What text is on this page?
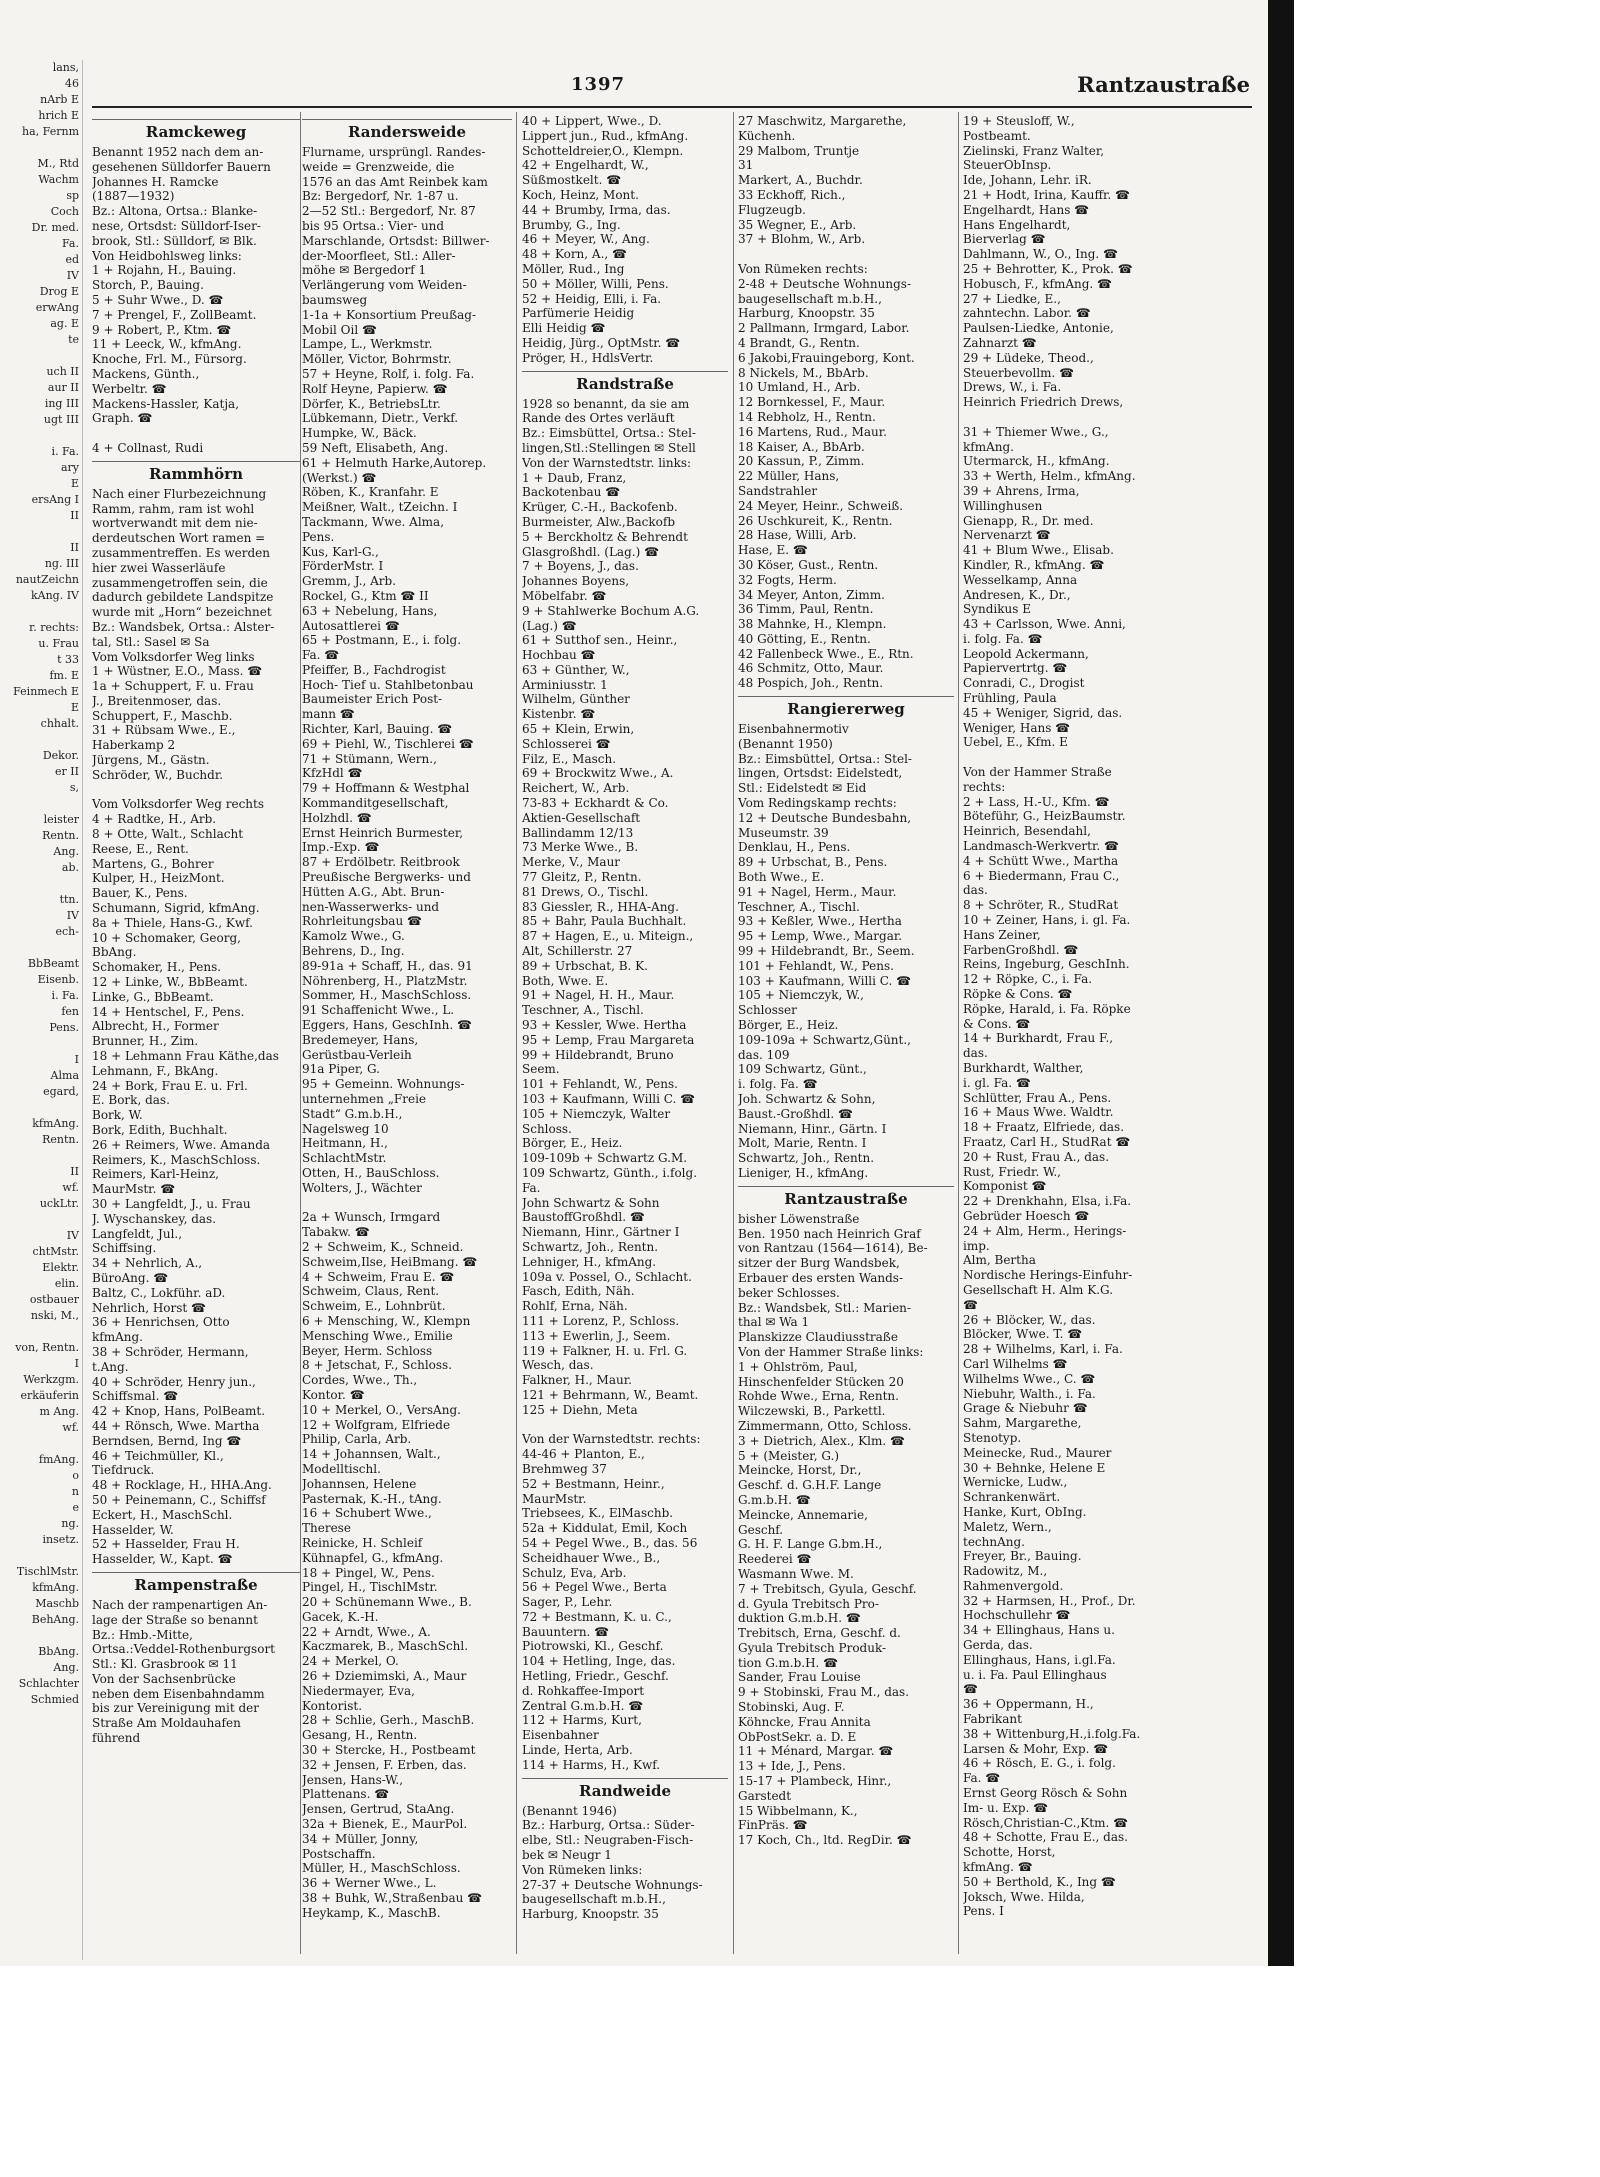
lans,
46
nArb E
hrich E
ha, Fernm

M., Rtd
Wachm
sp
Coch
Dr. med.
Fa.
ed
IV
Drog E
erwAng
ag. E
te

uch II
aur II
ing III
ugt III

i. Fa.
ary
E
ersAng I
II

II
ng. III
nautZeichn
kAng. IV

r. rechts:
u. Frau
t 33
fm. E
Feinmech E
E
chhalt.

Dekor.
er II
s,

leister
Rentn.
Ang.
ab.

ttn.
IV
ech-

BbBeamt
Eisenb.
i. Fa.
fen
Pens.

I
Alma
egard,

kfmAng.
Rentn.

II
wf.
uckLtr.

IV
chtMstr.
Elektr.
elin.
ostbauer
nski, M.,

von, Rentn.
I
Werkzgm.
erkäuferin
m Ang.
wf.

fmAng.
o
n
e
ng.
insetz.

TischlMstr.
kfmAng.
Maschb
BehAng.

BbAng.
Ang.
Schlachter
Schmied
1397	Rantzaustraße
Ramckeweg
Benannt 1952 nach dem an-
gesehenen Sülldorfer Bauern
Johannes H. Ramcke
(1887—1932)
Bz.: Altona, Ortsa.: Blanke-
nese, Ortsdst: Sülldorf-Iser-
brook, Stl.: Sülldorf, ✉ Blk.
Von Heidbohlsweg links:
1 + Rojahn, H., Bauing.
Storch, P., Bauing.
5 + Suhr Wwe., D. ☎
7 + Prengel, F., ZollBeamt.
9 + Robert, P., Ktm. ☎
11 + Leeck, W., kfmAng.
Knoche, Frl. M., Fürsorg.
Mackens, Günth.,
Werbeltr. ☎
Mackens-Hassler, Katja,
Graph. ☎

4 + Collnast, Rudi
Rammhörn
Nach einer Flurbezeichnung
Ramm, rahm, ram ist wohl
wortverwandt mit dem nie-
derdeutschen Wort ramen =
zusammentreffen. Es werden
hier zwei Wasserläufe
zusammengetroffen sein, die
dadurch gebildete Landspitze
wurde mit „Horn“ bezeichnet
Bz.: Wandsbek, Ortsa.: Alster-
tal, Stl.: Sasel ✉ Sa
Vom Volksdorfer Weg links
1 + Wüstner, E.O., Mass. ☎
1a + Schuppert, F. u. Frau
J., Breitenmoser, das.
Schuppert, F., Maschb.
31 + Rübsam Wwe., E.,
Haberkamp 2
Jürgens, M., Gästn.
Schröder, W., Buchdr.

Vom Volksdorfer Weg rechts
4 + Radtke, H., Arb.
8 + Otte, Walt., Schlacht
Reese, E., Rent.
Martens, G., Bohrer
Kulper, H., HeizMont.
Bauer, K., Pens.
Schumann, Sigrid, kfmAng.
8a + Thiele, Hans-G., Kwf.
10 + Schomaker, Georg,
BbAng.
Schomaker, H., Pens.
12 + Linke, W., BbBeamt.
Linke, G., BbBeamt.
14 + Hentschel, F., Pens.
Albrecht, H., Former
Brunner, H., Zim.
18 + Lehmann Frau Käthe,das
Lehmann, F., BkAng.
24 + Bork, Frau E. u. Frl.
E. Bork, das.
Bork, W.
Bork, Edith, Buchhalt.
26 + Reimers, Wwe. Amanda
Reimers, K., MaschSchloss.
Reimers, Karl-Heinz,
MaurMstr. ☎
30 + Langfeldt, J., u. Frau
J. Wyschanskey, das.
Langfeldt, Jul.,
Schiffsing.
34 + Nehrlich, A.,
BüroAng. ☎
Baltz, C., Lokführ. aD.
Nehrlich, Horst ☎
36 + Henrichsen, Otto
kfmAng.
38 + Schröder, Hermann,
t.Ang.
40 + Schröder, Henry jun.,
Schiffsmal. ☎
42 + Knop, Hans, PolBeamt.
44 + Rönsch, Wwe. Martha
Berndsen, Bernd, Ing ☎
46 + Teichmüller, Kl.,
Tiefdruck.
48 + Rocklage, H., HHA.Ang.
50 + Peinemann, C., Schiffsf
Eckert, H., MaschSchl.
Hasselder, W.
52 + Hasselder, Frau H.
Hasselder, W., Kapt. ☎
Rampenstraße
Nach der rampenartigen An-
lage der Straße so benannt
Bz.: Hmb.-Mitte,
Ortsa.:Veddel-Rothenburgsort
Stl.: Kl. Grasbrook ✉ 11
Von der Sachsenbrücke
neben dem Eisenbahndamm
bis zur Vereinigung mit der
Straße Am Moldauhafen
führend
Randersweide
Flurname, ursprüngl. Randes-
weide = Grenzweide, die
1576 an das Amt Reinbek kam
Bz: Bergedorf, Nr. 1-87 u.
2—52 Stl.: Bergedorf, Nr. 87
bis 95 Ortsa.: Vier- und
Marschlande, Ortsdst: Billwer-
der-Moorfleet, Stl.: Aller-
möhe ✉ Bergedorf 1
Verlängerung vom Weiden-
baumsweg
1-1a + Konsortium Preußag-
Mobil Oil ☎
Lampe, L., Werkmstr.
Möller, Victor, Bohrmstr.
57 + Heyne, Rolf, i. folg. Fa.
Rolf Heyne, Papierw. ☎
Dörfer, K., BetriebsLtr.
Lübkemann, Dietr., Verkf.
Humpke, W., Bäck.
59 Neft, Elisabeth, Ang.
61 + Helmuth Harke,Autorep.
(Werkst.) ☎
Röben, K., Kranfahr. E
Meißner, Walt., tZeichn. I
Tackmann, Wwe. Alma,
Pens.
Kus, Karl-G.,
FörderMstr. I
Gremm, J., Arb.
Rockel, G., Ktm ☎ II
63 + Nebelung, Hans,
Autosattlerei ☎
65 + Postmann, E., i. folg.
Fa. ☎
Pfeiffer, B., Fachdrogist
Hoch- Tief u. Stahlbetonbau
Baumeister Erich Post-
mann ☎
Richter, Karl, Bauing. ☎
69 + Piehl, W., Tischlerei ☎
71 + Stümann, Wern.,
KfzHdl ☎
79 + Hoffmann & Westphal
Kommanditgesellschaft,
Holzhdl. ☎
Ernst Heinrich Burmester,
Imp.-Exp. ☎
87 + Erdölbetr. Reitbrook
Preußische Bergwerks- und
Hütten A.G., Abt. Brun-
nen-Wasserwerks- und
Rohrleitungsbau ☎
Kamolz Wwe., G.
Behrens, D., Ing.
89-91a + Schaff, H., das. 91
Nöhrenberg, H., PlatzMstr.
Sommer, H., MaschSchloss.
91 Schaffenicht Wwe., L.
Eggers, Hans, GeschInh. ☎
Bredemeyer, Hans,
Gerüstbau-Verleih
91a Piper, G.
95 + Gemeinn. Wohnungs-
unternehmen „Freie
Stadt“ G.m.b.H.,
Nagelsweg 10
Heitmann, H.,
SchlachtMstr.
Otten, H., BauSchloss.
Wolters, J., Wächter

2a + Wunsch, Irmgard
Tabakw. ☎
2 + Schweim, K., Schneid.
Schweim,Ilse, HeiBmang. ☎
4 + Schweim, Frau E. ☎
Schweim, Claus, Rent.
Schweim, E., Lohnbrüt.
6 + Mensching, W., Klempn
Mensching Wwe., Emilie
Beyer, Herm. Schloss
8 + Jetschat, F., Schloss.
Cordes, Wwe., Th.,
Kontor. ☎
10 + Merkel, O., VersAng.
12 + Wolfgram, Elfriede
Philip, Carla, Arb.
14 + Johannsen, Walt.,
Modelltischl.
Johannsen, Helene
Pasternak, K.-H., tAng.
16 + Schubert Wwe.,
Therese
Reinicke, H. Schleif
Kühnapfel, G., kfmAng.
18 + Pingel, W., Pens.
Pingel, H., TischlMstr.
20 + Schünemann Wwe., B.
Gacek, K.-H.
22 + Arndt, Wwe., A.
Kaczmarek, B., MaschSchl.
24 + Merkel, O.
26 + Dziemimski, A., Maur
Niedermayer, Eva,
Kontorist.
28 + Schlie, Gerh., MaschB.
Gesang, H., Rentn.
30 + Stercke, H., Postbeamt
32 + Jensen, F. Erben, das.
Jensen, Hans-W.,
Plattenans. ☎
Jensen, Gertrud, StaAng.
32a + Bienek, E., MaurPol.
34 + Müller, Jonny,
Postschaffn.
Müller, H., MaschSchloss.
36 + Werner Wwe., L.
38 + Buhk, W.,Straßenbau ☎
Heykamp, K., MaschB.
40 + Lippert, Wwe., D.
Lippert jun., Rud., kfmAng.
Schotteldreier,O., Klempn.
42 + Engelhardt, W.,
Süßmostkelt. ☎
Koch, Heinz, Mont.
44 + Brumby, Irma, das.
Brumby, G., Ing.
46 + Meyer, W., Ang.
48 + Korn, A., ☎
Möller, Rud., Ing
50 + Möller, Willi, Pens.
52 + Heidig, Elli, i. Fa.
Parfümerie Heidig
Elli Heidig ☎
Heidig, Jürg., OptMstr. ☎
Pröger, H., HdlsVertr.
Randstraße
1928 so benannt, da sie am
Rande des Ortes verläuft
Bz.: Eimsbüttel, Ortsa.: Stel-
lingen,Stl.:Stellingen ✉ Stell
Von der Warnstedtstr. links:
1 + Daub, Franz,
Backotenbau ☎
Krüger, C.-H., Backofenb.
Burmeister, Alw.,Backofb
5 + Berckholtz & Behrendt
Glasgroßhdl. (Lag.) ☎
7 + Boyens, J., das.
Johannes Boyens,
Möbelfabr. ☎
9 + Stahlwerke Bochum A.G.
(Lag.) ☎
61 + Sutthof sen., Heinr.,
Hochbau ☎
63 + Günther, W.,
Arminiusstr. 1
Wilhelm, Günther
Kistenbr. ☎
65 + Klein, Erwin,
Schlosserei ☎
Filz, E., Masch.
69 + Brockwitz Wwe., A.
Reichert, W., Arb.
73-83 + Eckhardt & Co.
Aktien-Gesellschaft
Ballindamm 12/13
73 Merke Wwe., B.
Merke, V., Maur
77 Gleitz, P., Rentn.
81 Drews, O., Tischl.
83 Giessler, R., HHA-Ang.
85 + Bahr, Paula Buchhalt.
87 + Hagen, E., u. Miteign.,
Alt, Schillerstr. 27
89 + Urbschat, B. K.
Both, Wwe. E.
91 + Nagel, H. H., Maur.
Teschner, A., Tischl.
93 + Kessler, Wwe. Hertha
95 + Lemp, Frau Margareta
99 + Hildebrandt, Bruno
Seem.
101 + Fehlandt, W., Pens.
103 + Kaufmann, Willi C. ☎
105 + Niemczyk, Walter
Schloss.
Börger, E., Heiz.
109-109b + Schwartz G.M.
109 Schwartz, Günth., i.folg.
Fa.
John Schwartz & Sohn
BaustoffGroßhdl. ☎
Niemann, Hinr., Gärtner I
Schwartz, Joh., Rentn.
Lehniger, H., kfmAng.
109a v. Possel, O., Schlacht.
Fasch, Edith, Näh.
Rohlf, Erna, Näh.
111 + Lorenz, P., Schloss.
113 + Ewerlin, J., Seem.
119 + Falkner, H. u. Frl. G.
Wesch, das.
Falkner, H., Maur.
121 + Behrmann, W., Beamt.
125 + Diehn, Meta

Von der Warnstedtstr. rechts:
44-46 + Planton, E.,
Brehmweg 37
52 + Bestmann, Heinr.,
MaurMstr.
Triebsees, K., ElMaschb.
52a + Kiddulat, Emil, Koch
54 + Pegel Wwe., B., das. 56
Scheidhauer Wwe., B.,
Schulz, Eva, Arb.
56 + Pegel Wwe., Berta
Sager, P., Lehr.
72 + Bestmann, K. u. C.,
Bauuntern. ☎
Piotrowski, Kl., Geschf.
104 + Hetling, Inge, das.
Hetling, Friedr., Geschf.
d. Rohkaffee-Import
Zentral G.m.b.H. ☎
112 + Harms, Kurt,
Eisenbahner
Linde, Herta, Arb.
114 + Harms, H., Kwf.
Randweide
(Benannt 1946)
Bz.: Harburg, Ortsa.: Süder-
elbe, Stl.: Neugraben-Fisch-
bek ✉ Neugr 1
Von Rümeken links:
27-37 + Deutsche Wohnungs-
baugesellschaft m.b.H.,
Harburg, Knoopstr. 35
27 Maschwitz, Margarethe,
Küchenh.
29 Malbom, Truntje
31
Markert, A., Buchdr.
33 Eckhoff, Rich.,
Flugzeugb.
35 Wegner, E., Arb.
37 + Blohm, W., Arb.

Von Rümeken rechts:
2-48 + Deutsche Wohnungs-
baugesellschaft m.b.H.,
Harburg, Knoopstr. 35
2 Pallmann, Irmgard, Labor.
4 Brandt, G., Rentn.
6 Jakobi,Frauingeborg, Kont.
8 Nickels, M., BbArb.
10 Umland, H., Arb.
12 Bornkessel, F., Maur.
14 Rebholz, H., Rentn.
16 Martens, Rud., Maur.
18 Kaiser, A., BbArb.
20 Kassun, P., Zimm.
22 Müller, Hans,
Sandstrahler
24 Meyer, Heinr., Schweiß.
26 Uschkureit, K., Rentn.
28 Hase, Willi, Arb.
Hase, E. ☎
30 Köser, Gust., Rentn.
32 Fogts, Herm.
34 Meyer, Anton, Zimm.
36 Timm, Paul, Rentn.
38 Mahnke, H., Klempn.
40 Götting, E., Rentn.
42 Fallenbeck Wwe., E., Rtn.
46 Schmitz, Otto, Maur.
48 Pospich, Joh., Rentn.
Rangiererweg
Eisenbahnermotiv
(Benannt 1950)
Bz.: Eimsbüttel, Ortsa.: Stel-
lingen, Ortsdst: Eidelstedt,
Stl.: Eidelstedt ✉ Eid
Vom Redingskamp rechts:
12 + Deutsche Bundesbahn,
Museumstr. 39
Denklau, H., Pens.
89 + Urbschat, B., Pens.
Both Wwe., E.
91 + Nagel, Herm., Maur.
Teschner, A., Tischl.
93 + Keßler, Wwe., Hertha
95 + Lemp, Wwe., Margar.
99 + Hildebrandt, Br., Seem.
101 + Fehlandt, W., Pens.
103 + Kaufmann, Willi C. ☎
105 + Niemczyk, W.,
Schlosser
Börger, E., Heiz.
109-109a + Schwartz,Günt.,
das. 109
109 Schwartz, Günt.,
i. folg. Fa. ☎
Joh. Schwartz & Sohn,
Baust.-Großhdl. ☎
Niemann, Hinr., Gärtn. I
Molt, Marie, Rentn. I
Schwartz, Joh., Rentn.
Lieniger, H., kfmAng.
Rantzaustraße
bisher Löwenstraße
Ben. 1950 nach Heinrich Graf
von Rantzau (1564—1614), Be-
sitzer der Burg Wandsbek,
Erbauer des ersten Wands-
beker Schlosses.
Bz.: Wandsbek, Stl.: Marien-
thal ✉ Wa 1
Planskizze Claudiusstraße
Von der Hammer Straße links:
1 + Ohlström, Paul,
Hinschenfelder Stücken 20
Rohde Wwe., Erna, Rentn.
Wilczewski, B., Parkettl.
Zimmermann, Otto, Schloss.
3 + Dietrich, Alex., Klm. ☎
5 + (Meister, G.)
Meincke, Horst, Dr.,
Geschf. d. G.H.F. Lange
G.m.b.H. ☎
Meincke, Annemarie,
Geschf.
G. H. F. Lange G.bm.H.,
Reederei ☎
Wasmann Wwe. M.
7 + Trebitsch, Gyula, Geschf.
d. Gyula Trebitsch Pro-
duktion G.m.b.H. ☎
Trebitsch, Erna, Geschf. d.
Gyula Trebitsch Produk-
tion G.m.b.H. ☎
Sander, Frau Louise
9 + Stobinski, Frau M., das.
Stobinski, Aug. F.
Köhncke, Frau Annita
ObPostSekr. a. D. E
11 + Ménard, Margar. ☎
13 + Ide, J., Pens.
15-17 + Plambeck, Hinr.,
Garstedt
15 Wibbelmann, K.,
FinPräs. ☎
17 Koch, Ch., ltd. RegDir. ☎
19 + Steusloff, W.,
Postbeamt.
Zielinski, Franz Walter,
SteuerObInsp.
Ide, Johann, Lehr. iR.
21 + Hodt, Irina, Kauffr. ☎
Engelhardt, Hans ☎
Hans Engelhardt,
Bierverlag ☎
Dahlmann, W., O., Ing. ☎
25 + Behrotter, K., Prok. ☎
Hobusch, F., kfmAng. ☎
27 + Liedke, E.,
zahntechn. Labor. ☎
Paulsen-Liedke, Antonie,
Zahnarzt ☎
29 + Lüdeke, Theod.,
Steuerbevollm. ☎
Drews, W., i. Fa.
Heinrich Friedrich Drews,

31 + Thiemer Wwe., G.,
kfmAng.
Utermarck, H., kfmAng.
33 + Werth, Helm., kfmAng.
39 + Ahrens, Irma,
Willinghusen
Gienapp, R., Dr. med.
Nervenarzt ☎
41 + Blum Wwe., Elisab.
Kindler, R., kfmAng. ☎
Wesselkamp, Anna
Andresen, K., Dr.,
Syndikus E
43 + Carlsson, Wwe. Anni,
i. folg. Fa. ☎
Leopold Ackermann,
Papiervertrtg. ☎
Conradi, C., Drogist
Frühling, Paula
45 + Weniger, Sigrid, das.
Weniger, Hans ☎
Uebel, E., Kfm. E

Von der Hammer Straße
rechts:
2 + Lass, H.-U., Kfm. ☎
Böteführ, G., HeizBaumstr.
Heinrich, Besendahl,
Landmasch-Werkvertr. ☎
4 + Schütt Wwe., Martha
6 + Biedermann, Frau C.,
das.
8 + Schröter, R., StudRat
10 + Zeiner, Hans, i. gl. Fa.
Hans Zeiner,
FarbenGroßhdl. ☎
Reins, Ingeburg, GeschInh.
12 + Röpke, C., i. Fa.
Röpke & Cons. ☎
Röpke, Harald, i. Fa. Röpke
& Cons. ☎
14 + Burkhardt, Frau F.,
das.
Burkhardt, Walther,
i. gl. Fa. ☎
Schlütter, Frau A., Pens.
16 + Maus Wwe. Waldtr.
18 + Fraatz, Elfriede, das.
Fraatz, Carl H., StudRat ☎
20 + Rust, Frau A., das.
Rust, Friedr. W.,
Komponist ☎
22 + Drenkhahn, Elsa, i.Fa.
Gebrüder Hoesch ☎
24 + Alm, Herm., Herings-
imp.
Alm, Bertha
Nordische Herings-Einfuhr-
Gesellschaft H. Alm K.G.
☎
26 + Blöcker, W., das.
Blöcker, Wwe. T. ☎
28 + Wilhelms, Karl, i. Fa.
Carl Wilhelms ☎
Wilhelms Wwe., C. ☎
Niebuhr, Walth., i. Fa.
Grage & Niebuhr ☎
Sahm, Margarethe,
Stenotyp.
Meinecke, Rud., Maurer
30 + Behnke, Helene E
Wernicke, Ludw.,
Schrankenwärt.
Hanke, Kurt, ObIng.
Maletz, Wern.,
technAng.
Freyer, Br., Bauing.
Radowitz, M.,
Rahmenvergold.
32 + Harmsen, H., Prof., Dr.
Hochschullehr ☎
34 + Ellinghaus, Hans u.
Gerda, das.
Ellinghaus, Hans, i.gl.Fa.
u. i. Fa. Paul Ellinghaus
☎
36 + Oppermann, H.,
Fabrikant
38 + Wittenburg,H.,i.folg.Fa.
Larsen & Mohr, Exp. ☎
46 + Rösch, E. G., i. folg.
Fa. ☎
Ernst Georg Rösch & Sohn
Im- u. Exp. ☎
Rösch,Christian-C.,Ktm. ☎
48 + Schotte, Frau E., das.
Schotte, Horst,
kfmAng. ☎
50 + Berthold, K., Ing ☎
Joksch, Wwe. Hilda,
Pens. I
